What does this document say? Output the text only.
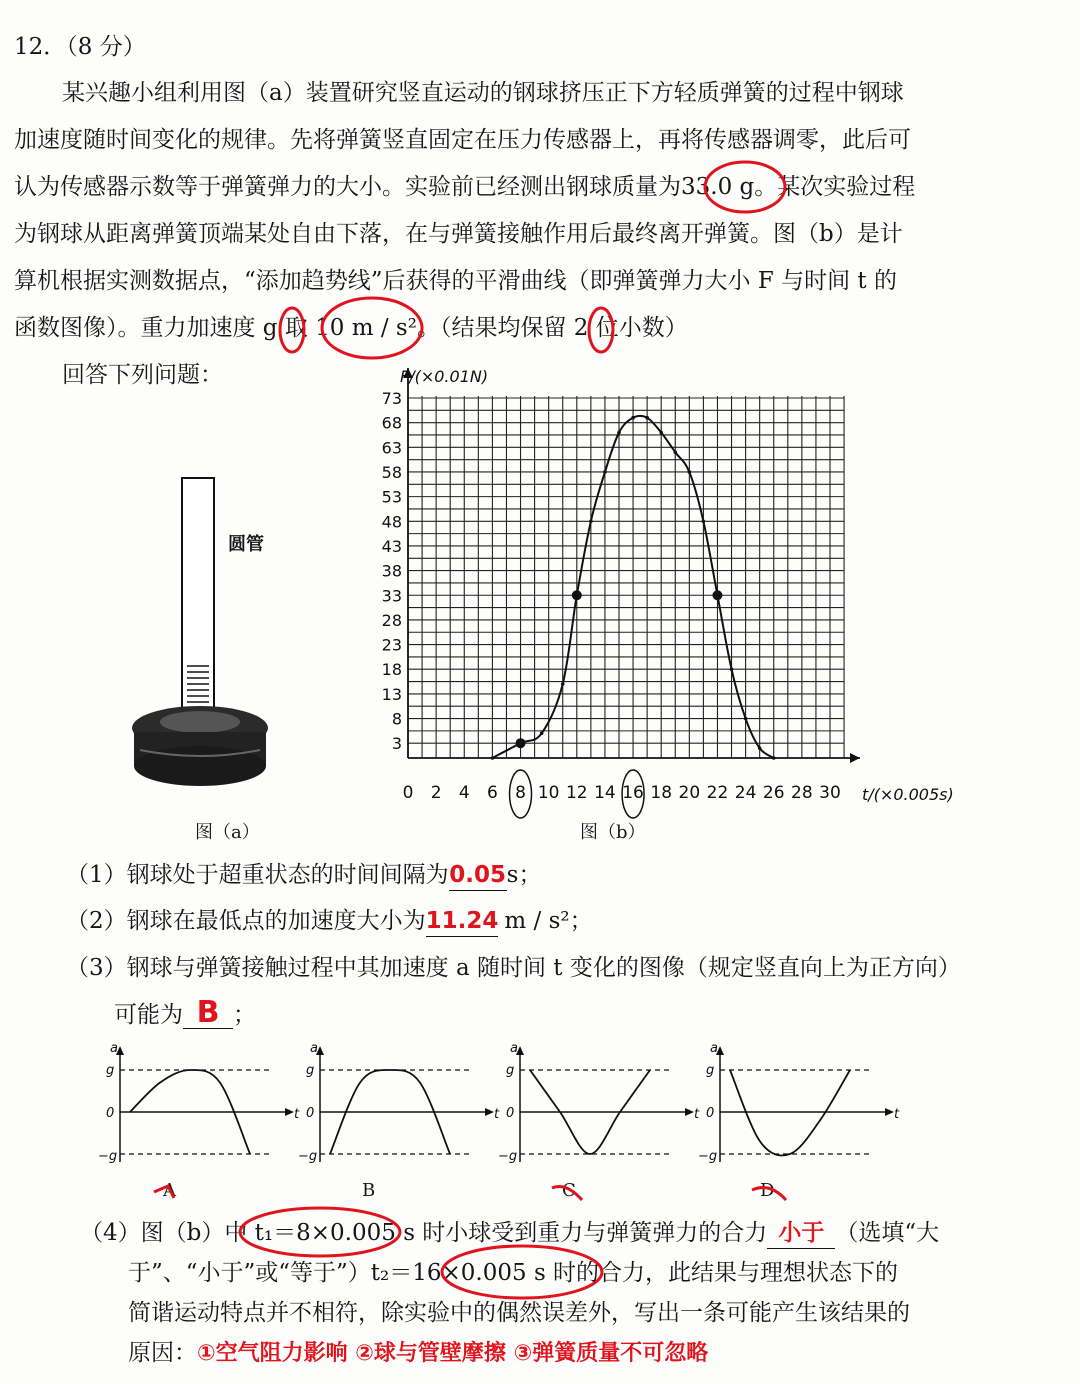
12．（8 分）
某兴趣小组利用图（a）装置研究竖直运动的钢球挤压正下方轻质弹簧的过程中钢球
加速度随时间变化的规律。先将弹簧竖直固定在压力传感器上，再将传感器调零，此后可
认为传感器示数等于弹簧弹力的大小。实验前已经测出钢球质量为33.0 g。某次实验过程
为钢球从距离弹簧顶端某处自由下落，在与弹簧接触作用后最终离开弹簧。图（b）是计
算机根据实测数据点，“添加趋势线”后获得的平滑曲线（即弹簧弹力大小 F 与时间 t 的
函数图像）。重力加速度 g 取 10 m / s²。（结果均保留 2 位小数）
回答下列问题：
圆管
图（a）
0 2 4 6 8 10 12 14 16 18 20 22 24 26 28 30
3
8
13
18
23
28
33
38
43
48
53
58
63
68
73
F/(×0.01N)
t/(×0.005s)
图（b）
（1）钢球处于超重状态的时间间隔为0.05s；
（2）钢球在最低点的加速度大小为11.24 m / s²；
（3）钢球与弹簧接触过程中其加速度 a 随时间 t 变化的图像（规定竖直向上为正方向）
可能为 B ；
a
t
g
0
−g
a
t
g
0
−g
a
t
g
0
−g
a
t
g
0
−g
A	B	C	D
（4）图（b）中 t₁＝8×0.005 s 时小球受到重力与弹簧弹力的合力 小于 （选填“大
于”、“小于”或“等于”）t₂＝16×0.005 s 时的合力，此结果与理想状态下的
简谐运动特点并不相符，除实验中的偶然误差外，写出一条可能产生该结果的
原因：①空气阻力影响 ②球与管壁摩擦 ③弹簧质量不可忽略
